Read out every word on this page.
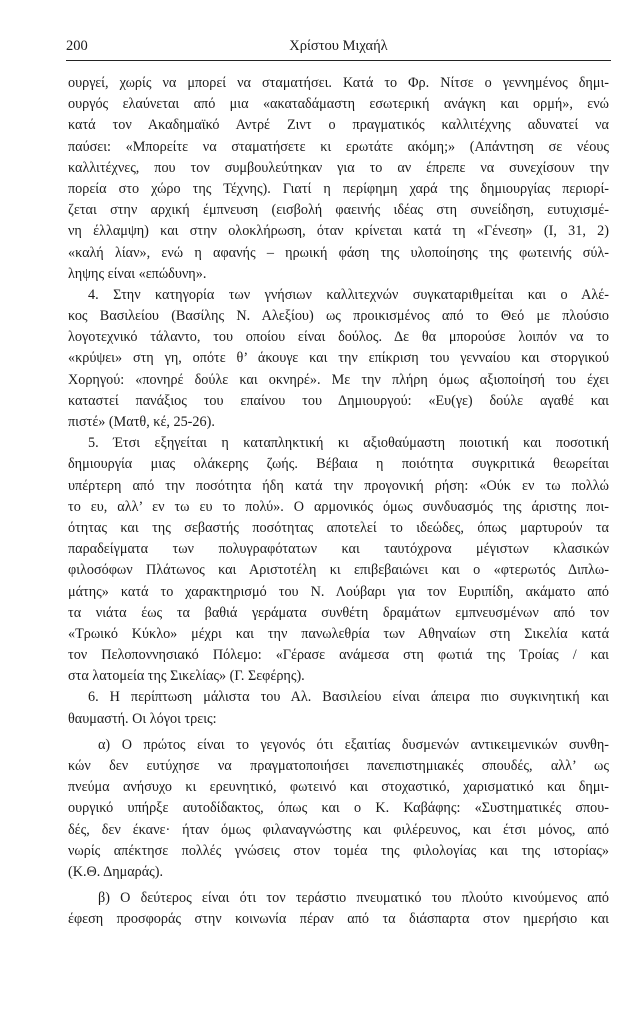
200	Χρίστου Μιχαήλ
ουργεί, χωρίς να μπορεί να σταματήσει. Κατά το Φρ. Νίτσε ο γεννημένος δημι-
ουργός ελαύνεται από μια «ακαταδάμαστη εσωτερική ανάγκη και ορμή», ενώ
κατά τον Ακαδημαϊκό Αντρέ Ζιντ ο πραγματικός καλλιτέχνης αδυνατεί να
παύσει: «Μπορείτε να σταματήσετε κι ερωτάτε ακόμη;» (Απάντηση σε νέους
καλλιτέχνες, που τον συμβουλεύτηκαν για το αν έπρεπε να συνεχίσουν την
πορεία στο χώρο της Τέχνης). Γιατί η περίφημη χαρά της δημιουργίας περιορί-
ζεται στην αρχική έμπνευση (εισβολή φαεινής ιδέας στη συνείδηση, ευτυχισμέ-
νη έλλαμψη) και στην ολοκλήρωση, όταν κρίνεται κατά τη «Γένεση» (Ι, 31, 2)
«καλή λίαν», ενώ η αφανής – ηρωική φάση της υλοποίησης της φωτεινής σύλ-
ληψης είναι «επώδυνη».
4. Στην κατηγορία των γνήσιων καλλιτεχνών συγκαταριθμείται και ο Αλέ-
κος Βασιλείου (Βασίλης Ν. Αλεξίου) ως προικισμένος από το Θεό με πλούσιο
λογοτεχνικό τάλαντο, του οποίου είναι δούλος. Δε θα μπορούσε λοιπόν να το
«κρύψει» στη γη, οπότε θ’ άκουγε και την επίκριση του γενναίου και στοργικού
Χορηγού: «πονηρέ δούλε και οκνηρέ». Με την πλήρη όμως αξιοποίησή του έχει
καταστεί πανάξιος του επαίνου του Δημιουργού: «Ευ(γε) δούλε αγαθέ και
πιστέ» (Ματθ, κέ, 25-26).
5. Έτσι εξηγείται η καταπληκτική κι αξιοθαύμαστη ποιοτική και ποσοτική
δημιουργία μιας ολάκερης ζωής. Βέβαια η ποιότητα συγκριτικά θεωρείται
υπέρτερη από την ποσότητα ήδη κατά την προγονική ρήση: «Ούκ εν τω πολλώ
το ευ, αλλ’ εν τω ευ το πολύ». Ο αρμονικός όμως συνδυασμός της άριστης ποι-
ότητας και της σεβαστής ποσότητας αποτελεί το ιδεώδες, όπως μαρτυρούν τα
παραδείγματα των πολυγραφότατων και ταυτόχρονα μέγιστων κλασικών
φιλοσόφων Πλάτωνος και Αριστοτέλη κι επιβεβαιώνει και ο «φτερωτός Διπλω-
μάτης» κατά το χαρακτηρισμό του Ν. Λούβαρι για τον Ευριπίδη, ακάματο από
τα νιάτα έως τα βαθιά γεράματα συνθέτη δραμάτων εμπνευσμένων από τον
«Τρωικό Κύκλο» μέχρι και την πανωλεθρία των Αθηναίων στη Σικελία κατά
τον Πελοποννησιακό Πόλεμο: «Γέρασε ανάμεσα στη φωτιά της Τροίας / και
στα λατομεία της Σικελίας» (Γ. Σεφέρης).
6. Η περίπτωση μάλιστα του Αλ. Βασιλείου είναι άπειρα πιο συγκινητική και
θαυμαστή. Οι λόγοι τρεις:
α) Ο πρώτος είναι το γεγονός ότι εξαιτίας δυσμενών αντικειμενικών συνθη-
κών δεν ευτύχησε να πραγματοποιήσει πανεπιστημιακές σπουδές, αλλ’ ως
πνεύμα ανήσυχο κι ερευνητικό, φωτεινό και στοχαστικό, χαρισματικό και δημι-
ουργικό υπήρξε αυτοδίδακτος, όπως και ο Κ. Καβάφης: «Συστηματικές σπου-
δές, δεν έκανε· ήταν όμως φιλαναγνώστης και φιλέρευνος, και έτσι μόνος, από
νωρίς απέκτησε πολλές γνώσεις στον τομέα της φιλολογίας και της ιστορίας»
(Κ.Θ. Δημαράς).
β) Ο δεύτερος είναι ότι τον τεράστιο πνευματικό του πλούτο κινούμενος από
έφεση προσφοράς στην κοινωνία πέραν από τα διάσπαρτα στον ημερήσιο και
